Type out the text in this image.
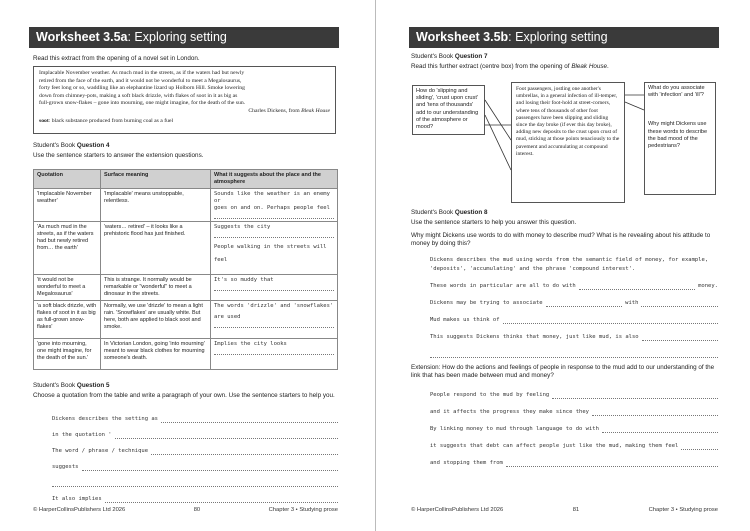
Worksheet 3.5a: Exploring setting
Read this extract from the opening of a novel set in London.
Implacable November weather. As much mud in the streets, as if the waters had but newly
retired from the face of the earth, and it would not be wonderful to meet a Megalosaurus,
forty feet long or so, waddling like an elephantine lizard up Holborn Hill. Smoke lowering
down from chimney-pots, making a soft black drizzle, with flakes of soot in it as big as
full-grown snow-flakes – gone into mourning, one might imagine, for the death of the sun.
Charles Dickens, from Bleak House
soot: black substance produced from burning coal as a fuel
Student's Book Question 4
Use the sentence starters to answer the extension questions.
Quotation	Surface meaning	What it suggests about the place and the atmosphere
'Implacable November weather'	'Implacable' means unstoppable, relentless.	Sounds like the weather is an enemy or
goes on and on. Perhaps people feel

'As much mud in the streets, as if the waters had but newly retired from… the earth'	'waters… retired' – it looks like a prehistoric flood has just finished.	Suggests the city
People walking in the streets will
feel

'it would not be wonderful to meet a Megalosaurus'	This is strange. It normally would be remarkable or "wonderful" to meet a dinosaur in the streets.	It's so muddy that

'a soft black drizzle, with flakes of soot in it as big as full-grown snow-flakes'	Normally, we use 'drizzle' to mean a light rain. 'Snowflakes' are usually white. But here, both are applied to black soot and smoke.	The words 'drizzle' and 'snowflakes'
are used

'gone into mourning, one might imagine, for the death of the sun.'	In Victorian London, going 'into mourning' meant to wear black clothes for mourning someone's death.	Implies the city looks
Student's Book Question 5
Choose a quotation from the table and write a paragraph of your own. Use the sentence starters to help you.
Dickens describes the setting as
in the quotation '
The word / phrase / technique
suggests
It also implies
© HarperCollinsPublishers Ltd 2026	80	Chapter 3 • Studying prose
Worksheet 3.5b: Exploring setting
Student's Book Question 7
Read this further extract (centre box) from the opening of Bleak House.
How do 'slipping and sliding', 'crust upon crust' and 'tens of thousands' add to our understanding of the atmosphere or mood?
Foot passengers, jostling one another's umbrellas, in a general infection of ill-temper, and losing their foot-hold at street-corners, where tens of thousands of other foot passengers have been slipping and sliding since the day broke (if ever this day broke), adding new deposits to the crust upon crust of mud, sticking at those points tenaciously to the pavement and accumulating at compound interest.
What do you associate with 'infection' and 'ill'?
Why might Dickens use these words to describe the bad mood of the pedestrians?
Student's Book Question 8
Use the sentence starters to help you answer this question.
Why might Dickens use words to do with money to describe mud? What is he revealing about his attitude to money by doing this?
Dickens describes the mud using words from the semantic field of money, for example,
'deposits', 'accumulating' and the phrase 'compound interest'.
These words in particular are all to do with	money.
Dickens may be trying to associate	with
Mud makes us think of
This suggests Dickens thinks that money, just like mud, is also
Extension: How do the actions and feelings of people in response to the mud add to our understanding of the link that has been made between mud and money?
People respond to the mud by feeling
and it affects the progress they make since they
By linking money to mud through language to do with
it suggests that debt can affect people just like the mud, making them feel
and stopping them from
© HarperCollinsPublishers Ltd 2026	81	Chapter 3 • Studying prose
